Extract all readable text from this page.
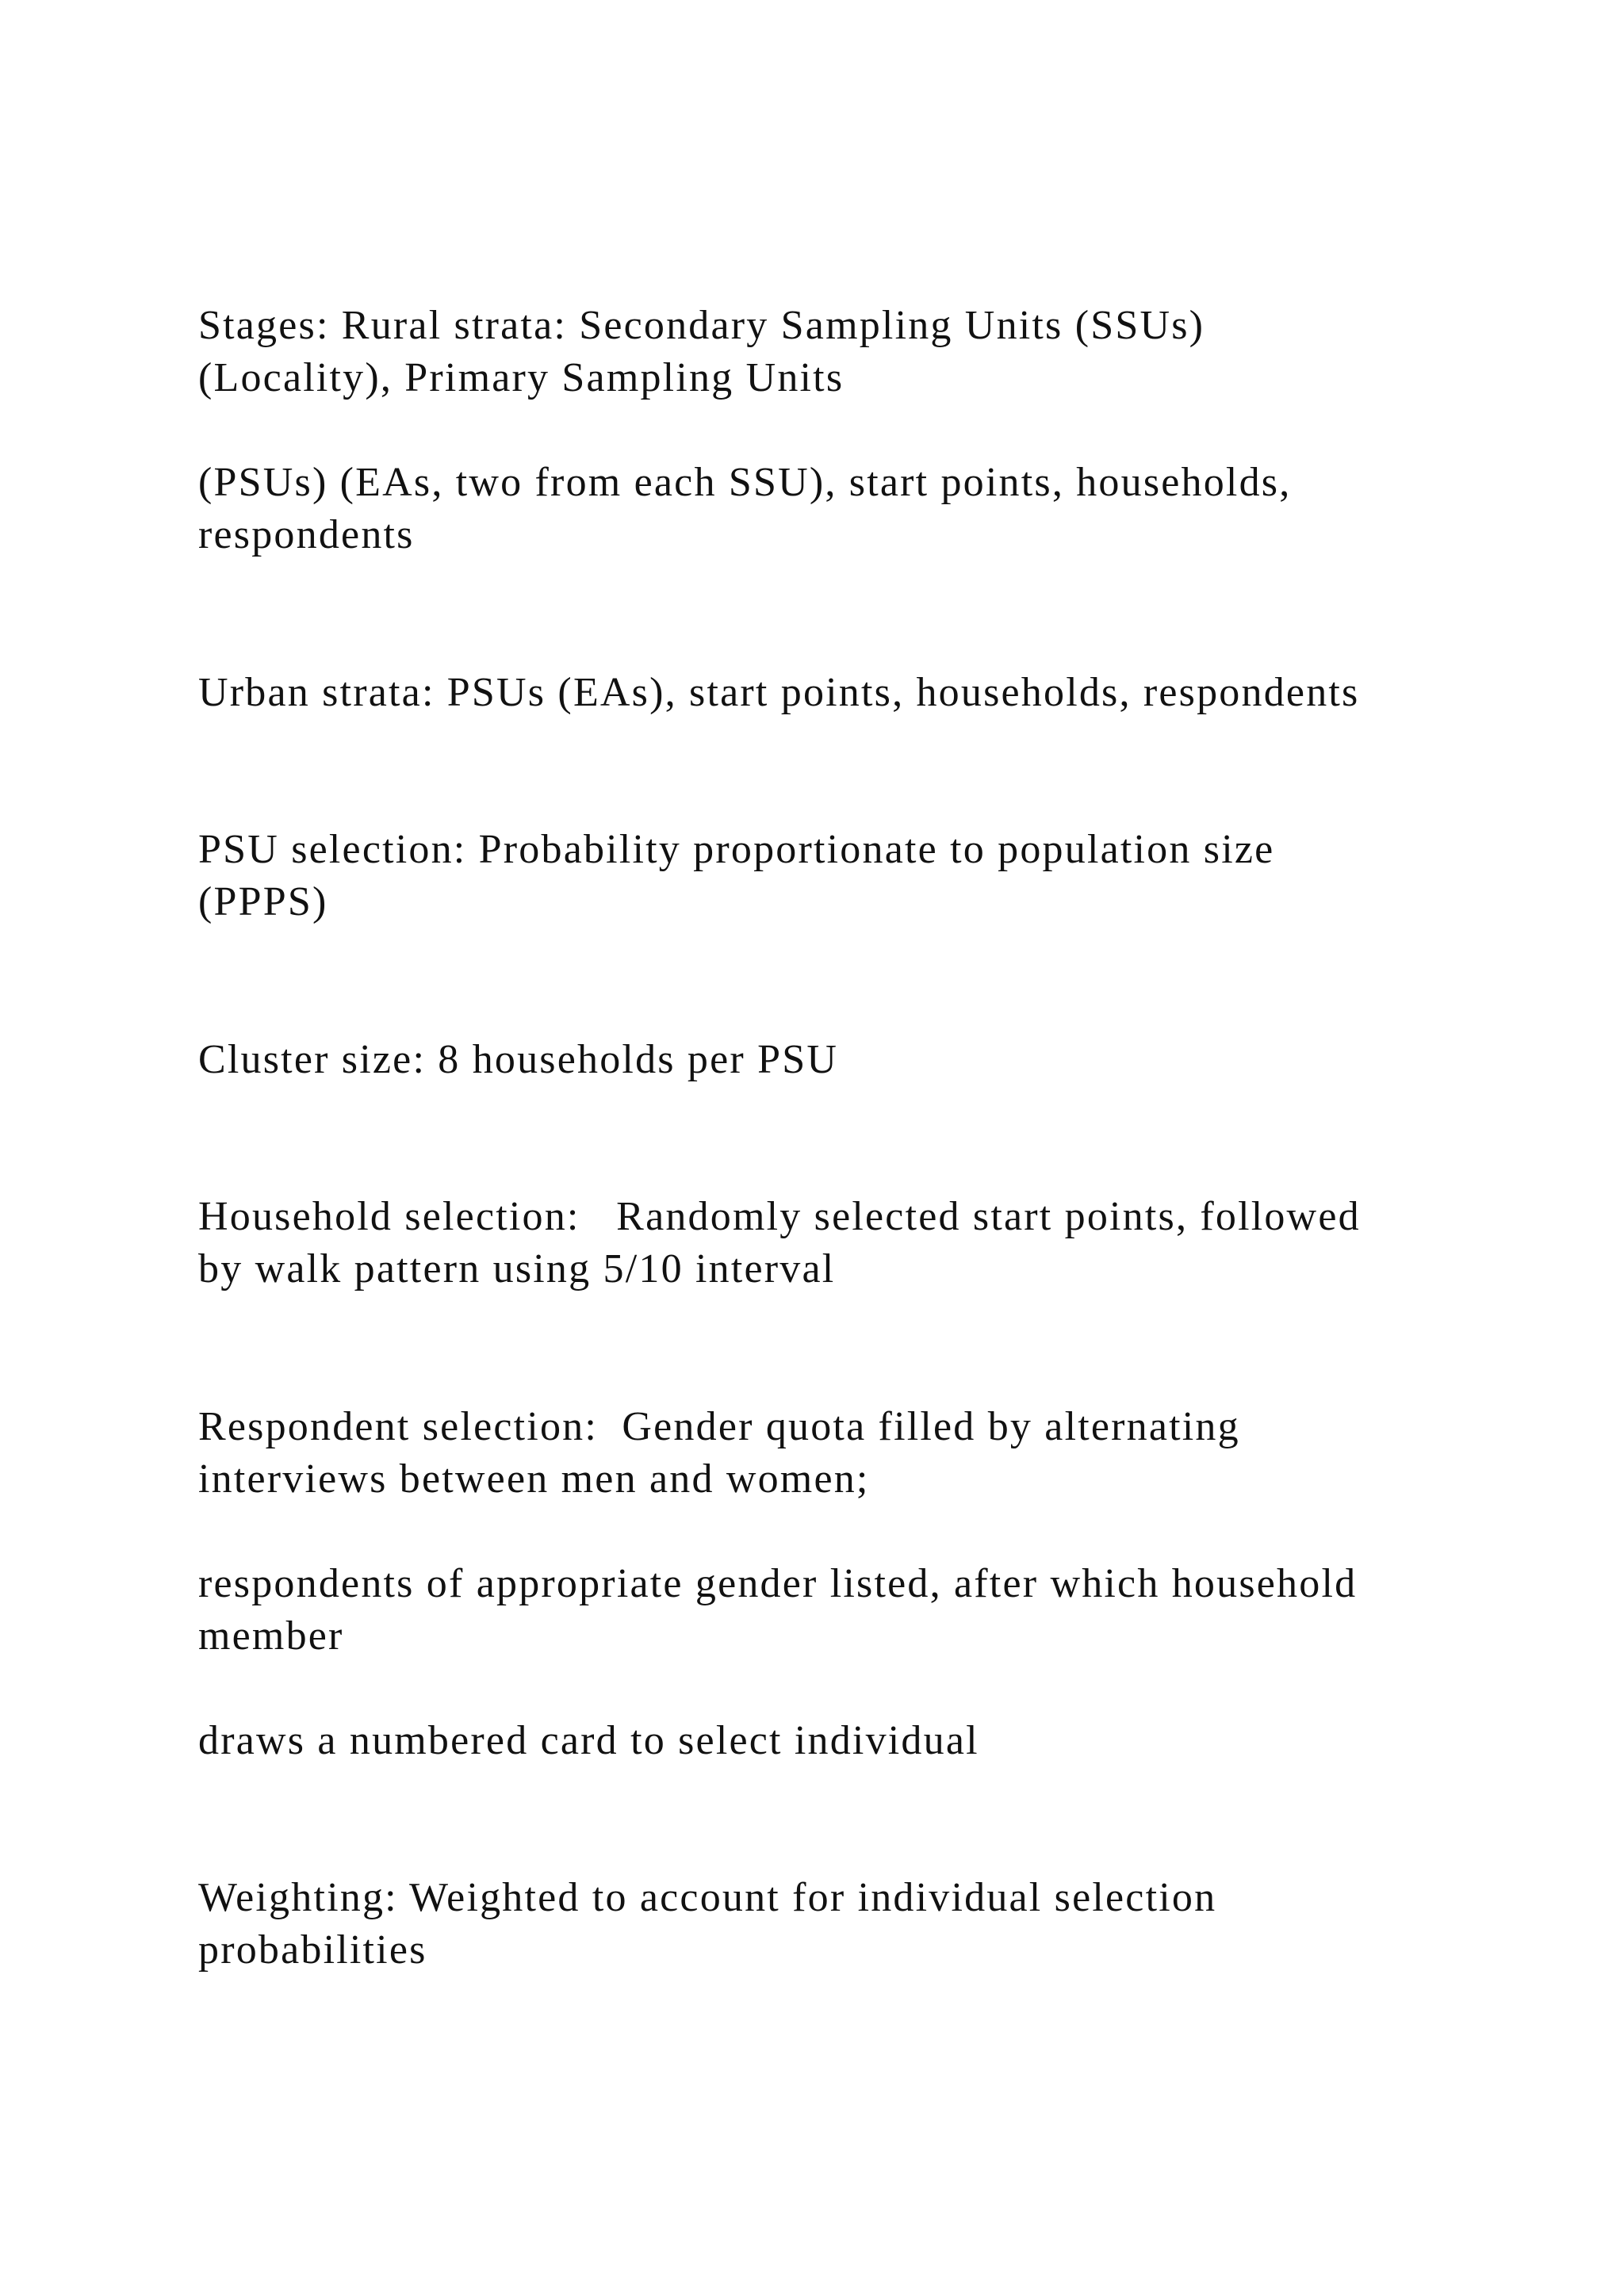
Stages: Rural strata: Secondary Sampling Units (SSUs)
(Locality), Primary Sampling Units

(PSUs) (EAs, two from each SSU), start points, households,
respondents

Urban strata: PSUs (EAs), start points, households, respondents

PSU selection: Probability proportionate to population size
(PPPS)

Cluster size: 8 households per PSU

Household selection:   Randomly selected start points, followed
by walk pattern using 5/10 interval

Respondent selection:  Gender quota filled by alternating
interviews between men and women;

respondents of appropriate gender listed, after which household
member

draws a numbered card to select individual

Weighting: Weighted to account for individual selection
probabilities
